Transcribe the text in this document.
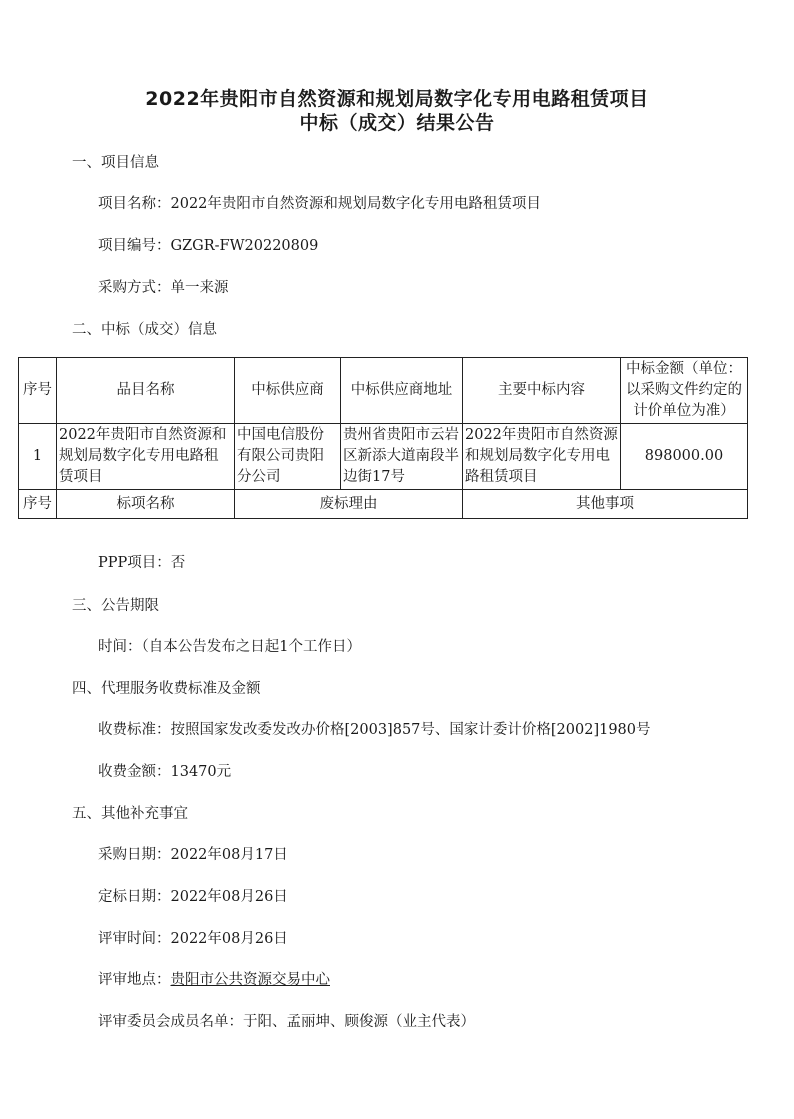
2022年贵阳市自然资源和规划局数字化专用电路租赁项目
中标（成交）结果公告
一、项目信息
项目名称：2022年贵阳市自然资源和规划局数字化专用电路租赁项目
项目编号：GZGR-FW20220809
采购方式：单一来源
二、中标（成交）信息
序号	品目名称	中标供应商	中标供应商地址	主要中标内容	中标金额（单位：以采购文件约定的计价单位为准）
1	2022年贵阳市自然资源和规划局数字化专用电路租赁项目	中国电信股份有限公司贵阳分公司	贵州省贵阳市云岩区新添大道南段半边街17号	2022年贵阳市自然资源和规划局数字化专用电路租赁项目	898000.00
序号	标项名称	废标理由		其他事项	
PPP项目：否
三、公告期限
时间：（自本公告发布之日起1个工作日）
四、代理服务收费标准及金额
收费标准：按照国家发改委发改办价格[2003]857号、国家计委计价格[2002]1980号
收费金额：13470元
五、其他补充事宜
采购日期：2022年08月17日
定标日期：2022年08月26日
评审时间：2022年08月26日
评审地点：贵阳市公共资源交易中心
评审委员会成员名单：于阳、孟丽坤、顾俊源（业主代表）
